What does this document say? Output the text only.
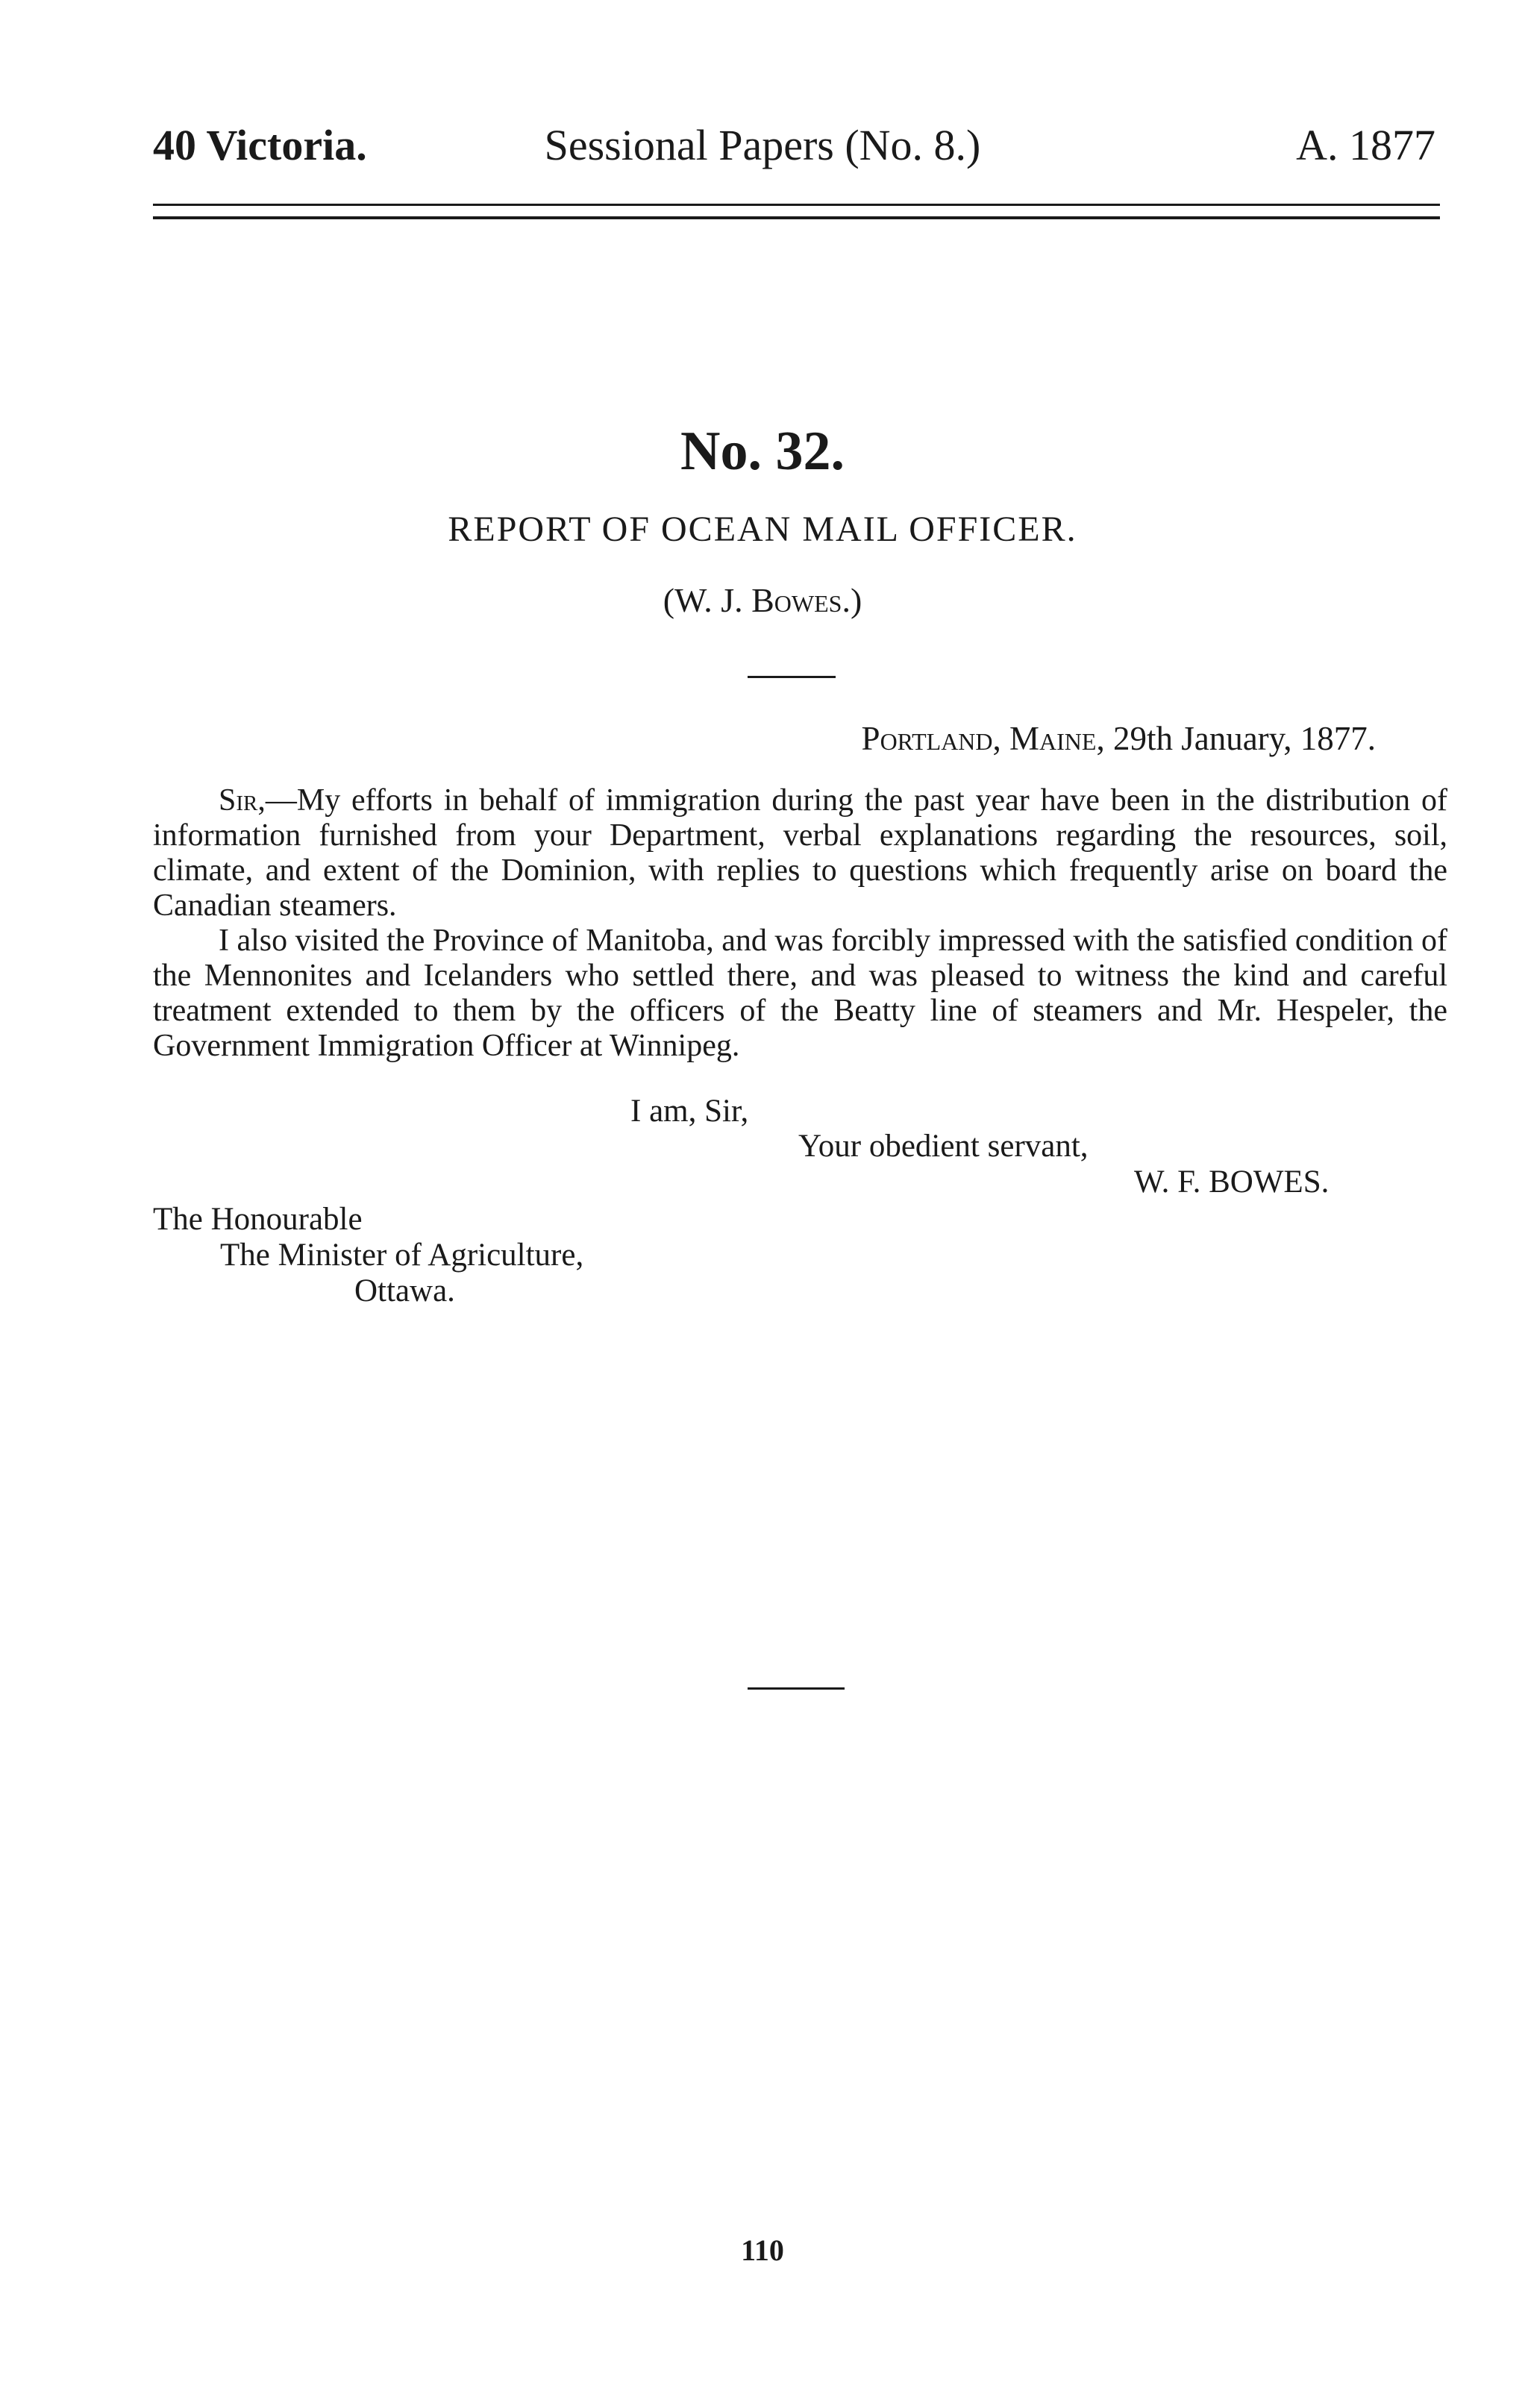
40 Victoria.	Sessional Papers (No. 8.)	A. 1877
No. 32.
REPORT OF OCEAN MAIL OFFICER.
(W. J. Bowes.)
Portland, Maine, 29th January, 1877.

Sir,—My efforts in behalf of immigration during the past year have been in the distribution of information furnished from your Department, verbal explanations regarding the resources, soil, climate, and extent of the Dominion, with replies to questions which frequently arise on board the Canadian steamers.

I also visited the Province of Manitoba, and was forcibly impressed with the satisfied condition of the Mennonites and Icelanders who settled there, and was pleased to witness the kind and careful treatment extended to them by the officers of the Beatty line of steamers and Mr. Hespeler, the Government Immigration Officer at Winnipeg.

I am, Sir,
Your obedient servant,
W. F. BOWES.
The Honourable
The Minister of Agriculture,
Ottawa.
110
